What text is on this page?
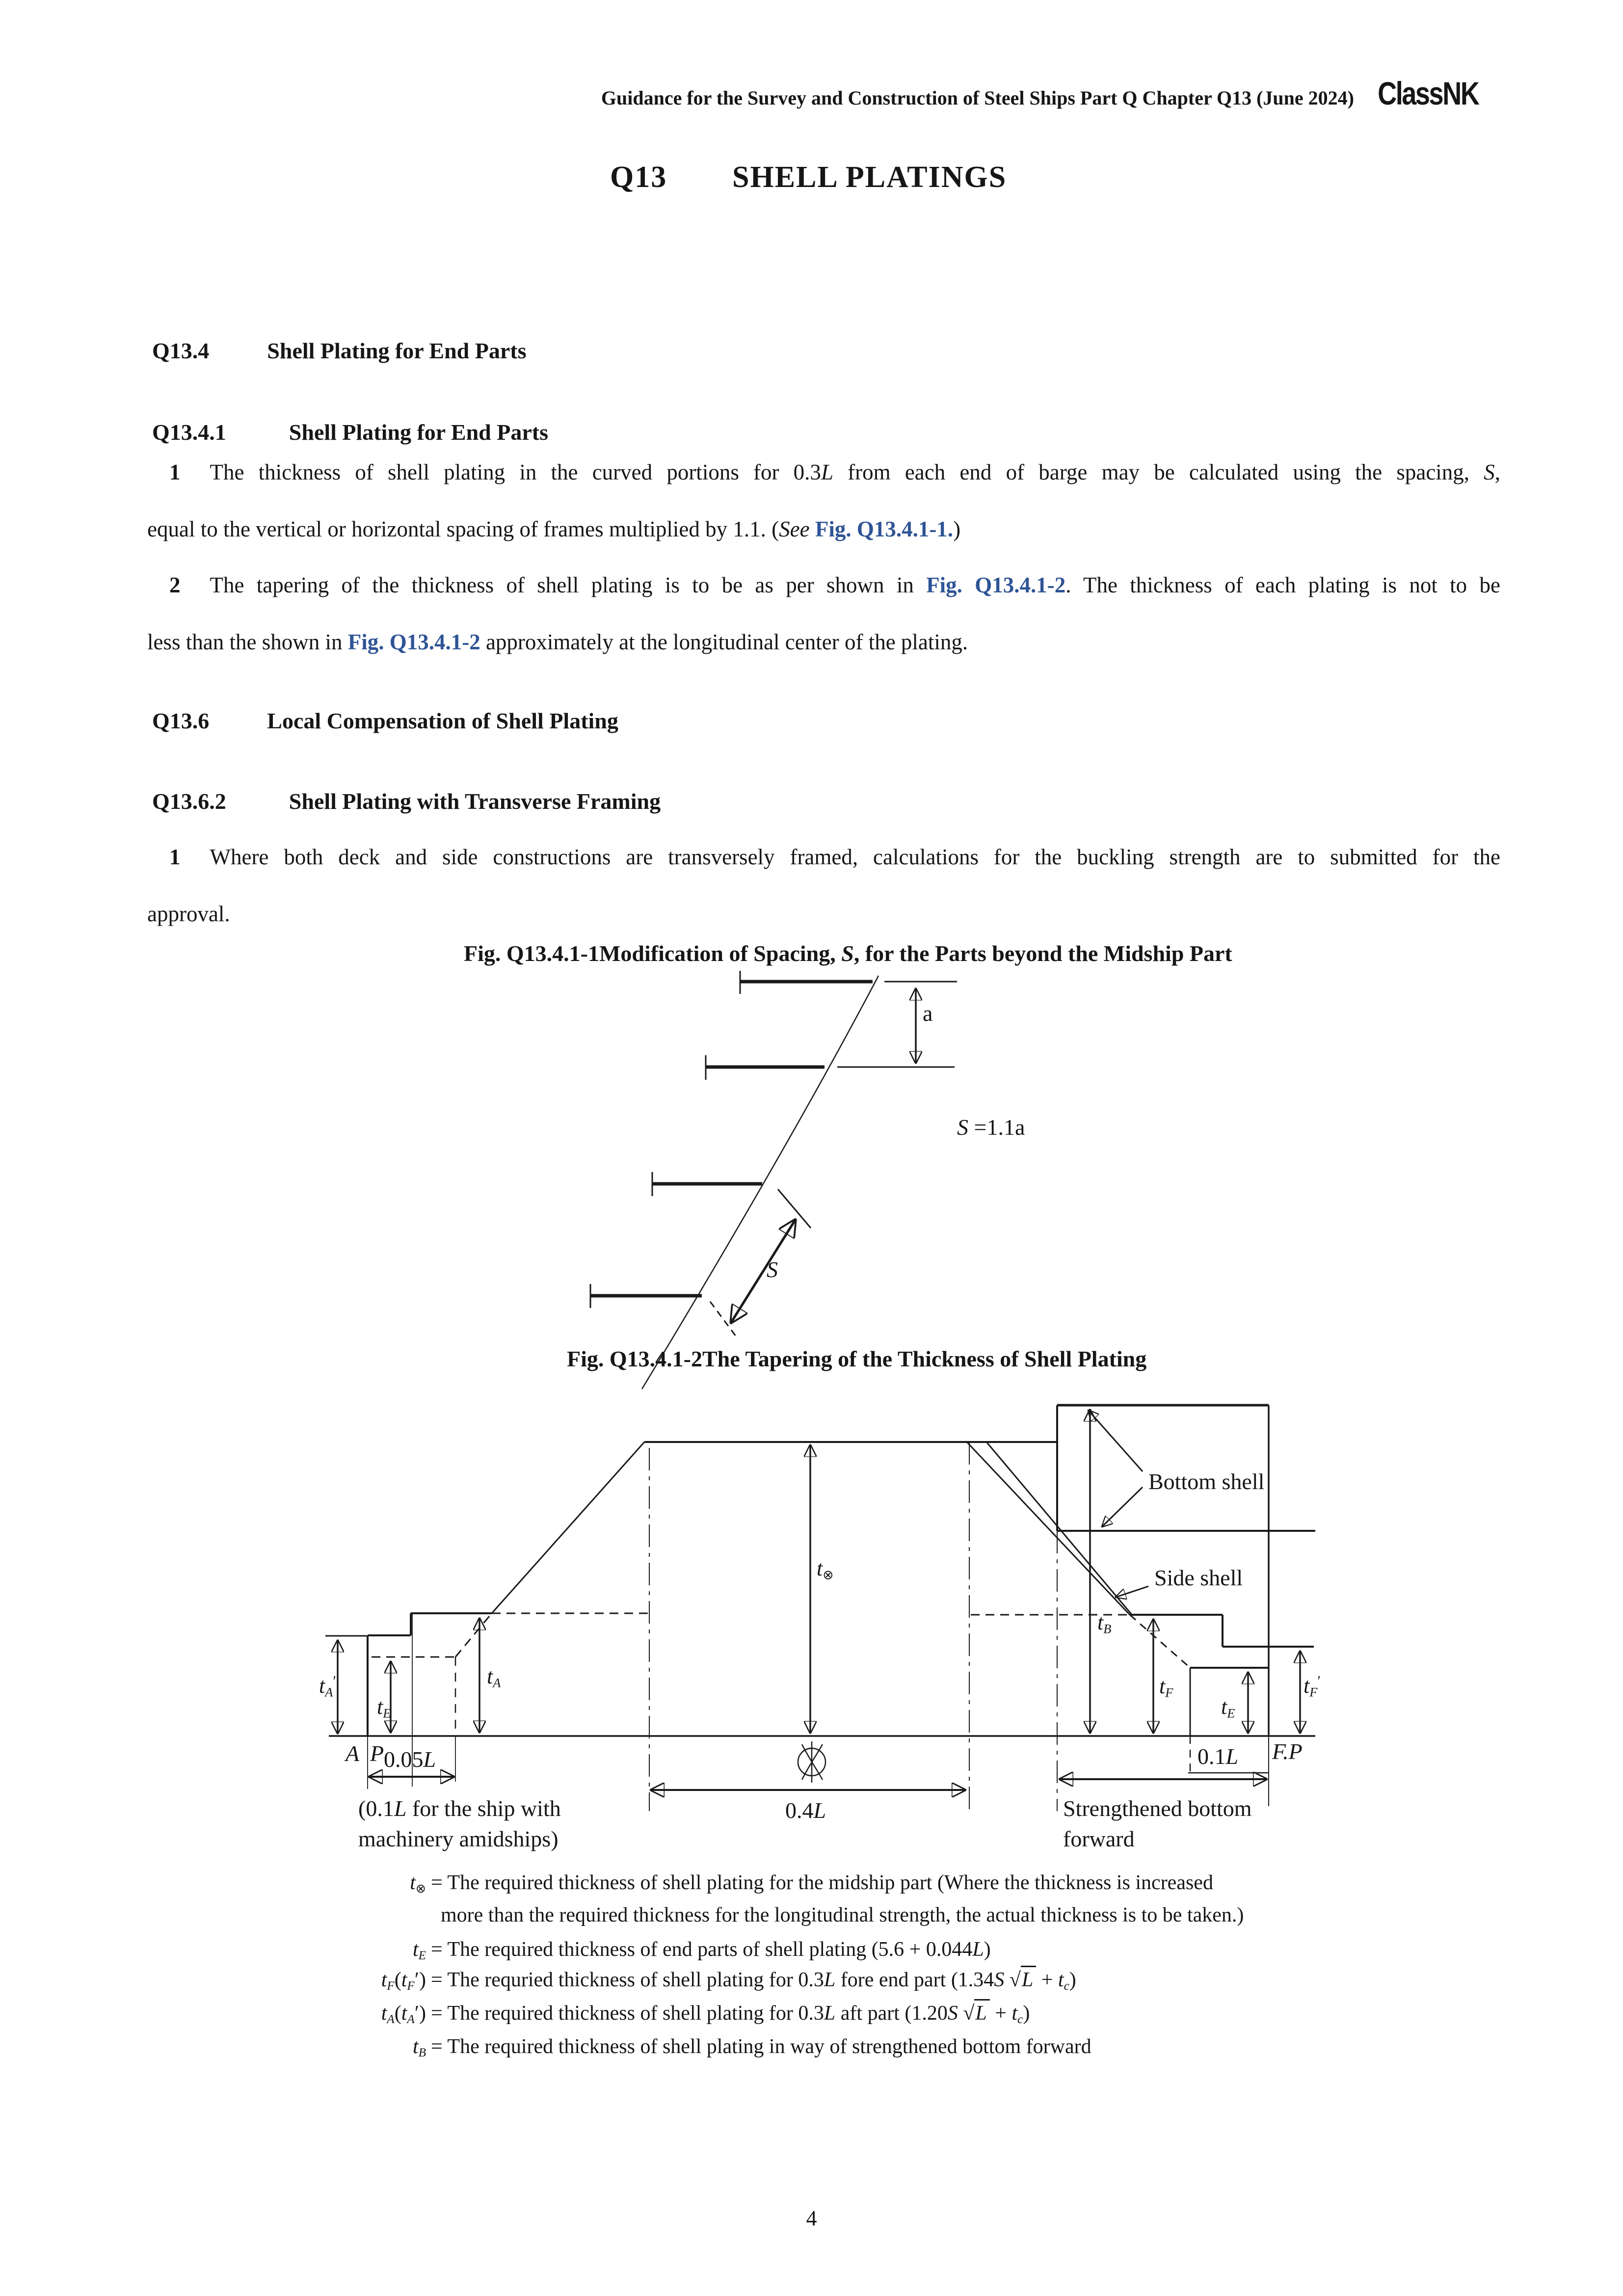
Guidance for the Survey and Construction of Steel Ships Part Q Chapter Q13 (June 2024) ClassNK
Q13 SHELL PLATINGS
Q13.4	Shell Plating for End Parts
Q13.4.1	Shell Plating for End Parts
1 The thickness of shell plating in the curved portions for 0.3L from each end of barge may be calculated using the spacing, S,
equal to the vertical or horizontal spacing of frames multiplied by 1.1. (See Fig. Q13.4.1-1.)
2 The tapering of the thickness of shell plating is to be as per shown in Fig. Q13.4.1-2. The thickness of each plating is not to be
less than the shown in Fig. Q13.4.1-2 approximately at the longitudinal center of the plating.
Q13.6	Local Compensation of Shell Plating
Q13.6.2	Shell Plating with Transverse Framing
1 Where both deck and side constructions are transversely framed, calculations for the buckling strength are to submitted for the
approval.
Fig. Q13.4.1-1Modification of Spacing, S, for the Parts beyond the Midship Part
a
S =1.1a
S
Fig. Q13.4.1-2The Tapering of the Thickness of Shell Plating
$t_\otimes$
$t_A'$
$t_E$
$t_A$
$t_B$
$t_F$
$t_E$
$t_F'$
Bottom shell
Side shell
A P 0.05L	F.P
0.1L
0.4L
(0.1L for the ship with
machinery amidships)
Strengthened bottom
forward
$t_\otimes$ = The required thickness of shell plating for the midship part (Where the thickness is increased
more than the required thickness for the longitudinal strength, the actual thickness is to be taken.)
$t_E$ = The required thickness of end parts of shell plating (5.6 + 0.044L)
$t_F(t_F')$ = The requried thickness of shell plating for 0.3L fore end part (1.34S $√L + t_c$)
$t_A(t_A')$ = The required thickness of shell plating for 0.3L aft part (1.20S $√L + t_c$)
$t_B$ = The required thickness of shell plating in way of strengthened bottom forward
4
